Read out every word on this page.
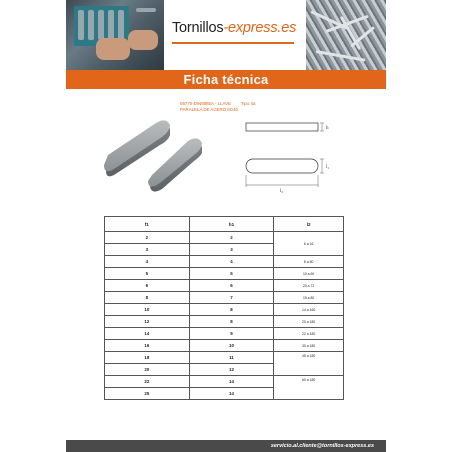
Tornillos-express.es
Ficha técnica
06770-DIN6885A - LLAVE Tipo 4a
PARALELA DE ACERO 8G4b
h
l₁
l₂
f1	h1	l2
2	2	6 a 16
3	3	
4	4	8 a 50
5	5	10 a 60
6	6	20 a 72
8	7	15 a 80
10	8	14 a 160
12	8	20 a 180
14	9	22 a 180
16	10	30 a 180
18	11	45 a 180
20	12	
22	14	60 a 180
25	14	
servicio.al.cliente@tornillos-express.es
